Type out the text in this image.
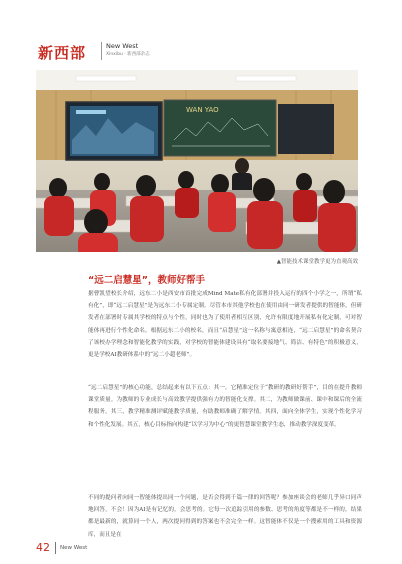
新西部	New West
Xinxibu · 新西部杂志
WAN YAO
▲智能技术课堂教学更为直观高效
“远二启慧星”，教师好帮手

据曹凯望校长介绍，远东二小是西安市首批完成Mind Mate私有化部署并投入运行的四个小学之一，所谓“私有化”，即“远二启慧星”是为远东二小专属定制。尽管本市其他学校也在使用由同一研发者提供的智能体，但研发者在部署时专属其学校的特点与个性，同时也为了使用者相互区别，允许有限度地开展私有化定制，可对智能体再进行个性化命名。根据远东二小的校名，而且“启慧星”这一名称与寓意相连，“远二启慧星”的命名契合了该校办学理念和智能化教学的实践，对学校的智能体建设具有“取名要接地气、简洁、有特色”的积极意义，更是学校AI教研体系中的“远二小超老师”。

“远二启慧星”的核心功能，总结起来有以下五点：其一，它精准定位于“教研的教研好帮手”，目的在提升教师课堂质量。为教师的专业成长与高效教学提供强有力的智能化支撑。其二，为教师做课前、课中和课后的全流程服务。其三，教学精准测评赋能教学质量，有助教师准确了解学情。其四，面向全体学生，实现个性化学习和个性化发展。其五，核心目标指向构建“以学习为中心”的更智慧课堂教学生态，推动教学深度变革。

不同的提问者向同一智能体提出同一个问题，是否会得到千篇一律的回答呢？参加座谈会的老师几乎异口同声地回答，不会！因为AI是有记忆的，会思考的。它每一次追踪引用的参数、思考的角度等都是不一样的，结果都是最新的，就算同一个人，两次提问得到的答案也不会完全一样。这智能体不仅是一个搜索用的工具和资源库，而且是在

42 New West
